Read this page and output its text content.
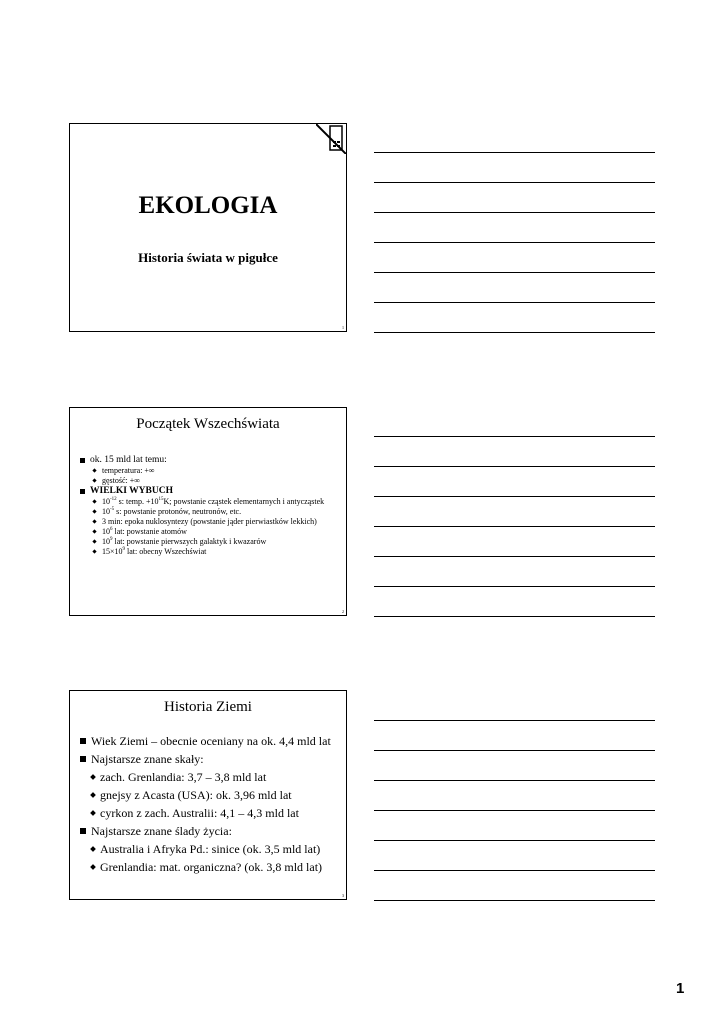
EKOLOGIA
Historia świata w pigułce
1
Początek Wszechświata
ok. 15 mld lat temu:
temperatura: +∞
gęstość: +∞
WIELKI WYBUCH
$10^{-12}$ s: temp. $+10^{15}K$; powstanie cząstek elementarnych i antycząstek
$10^{-5}$ s: powstanie protonów, neutronów, etc.
3 min: epoka nuklosyntezy (powstanie jąder pierwiastków lekkich)
$10^6$ lat: powstanie atomów
$10^9$ lat: powstanie pierwszych galaktyk i kwazarów
$15\times 10^9$ lat: obecny Wszechświat
2
Historia Ziemi
Wiek Ziemi – obecnie oceniany na ok. 4,4 mld lat
Najstarsze znane skały:
zach. Grenlandia: 3,7 – 3,8 mld lat
gnejsy z Acasta (USA): ok. 3,96 mld lat
cyrkon z zach. Australii: 4,1 – 4,3 mld lat
Najstarsze znane ślady życia:
Australia i Afryka Pd.: sinice (ok. 3,5 mld lat)
Grenlandia: mat. organiczna? (ok. 3,8 mld lat)
3
1
